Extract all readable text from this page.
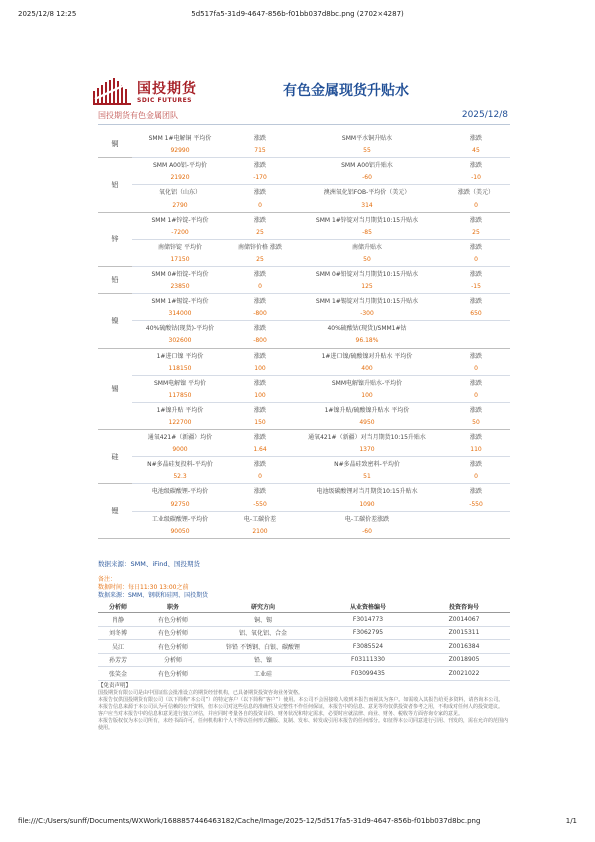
2025/12/8 12:25	5d517fa5-31d9-4647-856b-f01bb037d8bc.png (2702×4287)
国投期货
SDIC FUTURES
有色金属现货升贴水
国投期货有色金属团队	2025/12/8
铜	SMM 1#电解铜 平均价	涨跌	SMM平水铜升贴水	涨跌
	92990	715	55	45
铝	SMM A00铝-平均价	涨跌	SMM A00铝升贴水	涨跌
	21920	-170	-60	-10
	氧化铝（山东）	涨跌	澳洲氧化铝FOB-平均价（美元）	涨跌（美元）
	2790	0	314	0
锌	SMM 1#锌锭-平均价	涨跌	SMM 1#锌锭对当月期货10:15升贴水	涨跌
	-7200	25	-85	25
	南储锌锭 平均价	南储锌价格 涨跌	南储升贴水	涨跌
	17150	25	50	0
铅	SMM 0#铅锭-平均价	涨跌	SMM 0#铅锭对当月期货10:15升贴水	涨跌
	23850	0	125	-15
镍	SMM 1#锡锭-平均价	涨跌	SMM 1#锡锭对当月期货10:15升贴水	涨跌
	314000	-800	-300	650
	40%硫酸钴(现货)-平均价	涨跌	40%硫酸钴(现货)/SMM1#钴	
	302600	-800	96.18%	
锡	1#进口镍 平均价	涨跌	1#进口镍/硫酸镍对升贴水 平均价	涨跌
	118150	100	400	0
	SMM电解镍 平均价	涨跌	SMM电解镍升贴水-平均价	涨跌
	117850	100	100	0
	1#镍升贴 平均价	涨跌	1#镍升贴/硫酸镍升贴水 平均价	涨跌
	122700	150	4950	50
硅	通氧421#（新疆）均价	涨跌	通氧421#（新疆）对当月期货10:15升贴水	涨跌
	9000	1.64	1370	110
	N#多晶硅复投料-平均价	涨跌	N#多晶硅致密料-平均价	涨跌
	52.3	0	51	0
锂	电池级碳酸锂-平均价	涨跌	电池级碳酸锂对当月期货10:15升贴水	涨跌
	92750	-550	1090	-550
	工业级碳酸锂-平均价	电-工碳价差	电-工碳价差涨跌	
	90050	2100	-60	
数据来源：SMM、iFind、国投期货
备注：
数据时间：每日11:30 13:00之前
数据来源：SMM、钢联和硅网、国投期货
分析师	职务	研究方向	从业资格编号	投资咨询号
肖静	有色分析师	铜、锡	F3014773	Z0014067
刘冬博	有色分析师	铝、氧化铝、合金	F3062795	Z0015311
吴江	有色分析师	锌铅 不锈钢、白银、碳酸锂	F3085524	Z0016384
孙芳芳	分析师	铅、镍	F03111330	Z0018905
张笑金	有色分析师	工业硅	F03099435	Z0021022
【免责声明】
国投期货有限公司是由中国证监会批准设立的期货经营机构，已具备期货投资咨询业务资格。
本报告仅供国投期货有限公司（以下简称“本公司”）的特定客户（以下简称“客户”）使用。本公司不会因接收人收到本报告而视其为客户。如需收入其报告给更多资料，请咨询本公司。
本报告信息来源于本公司认为可信赖的公开资料，但本公司对这些信息的准确性及完整性不作任何保证，本报告中的信息、意见等均仅供投资者参考之用，不构成对任何人的投资建议。
客户应当对本报告中的信息和意见进行独立评估，并应同时考量各自的投资目的、财务状况和特定需求，必要时应就法律、商业、财务、税收等方面咨询专家的意见。
本报告版权仅为本公司所有，未经书面许可，任何机构和个人不得以任何形式翻版、复制、发布、转发或引用本报告的任何部分。如征得本公司同意进行引用、刊发的，需在允许的范围内使用。
file:///C:/Users/sunff/Documents/WXWork/1688857446463182/Cache/Image/2025-12/5d517fa5-31d9-4647-856b-f01bb037d8bc.png	1/1
